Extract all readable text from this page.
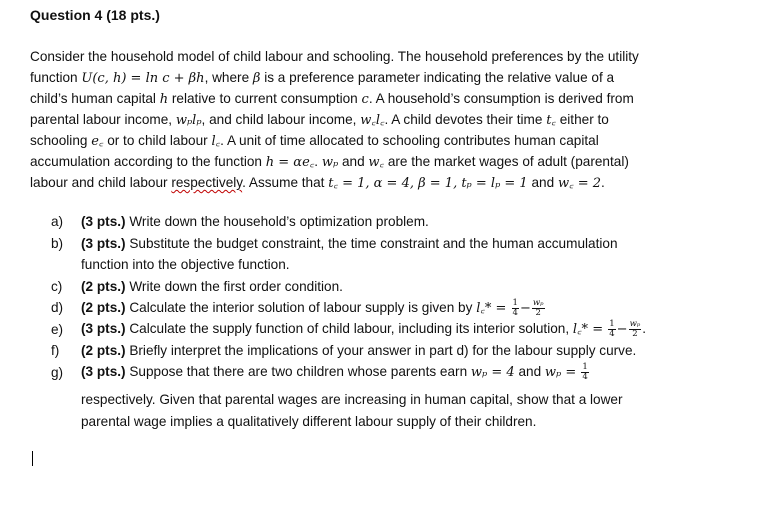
Question 4 (18 pts.)
Consider the household model of child labour and schooling. The household preferences by the utility
function U(c, h) = ln c + βh, where β is a preference parameter indicating the relative value of a
child’s human capital h relative to current consumption c. A household’s consumption is derived from
parental labour income, wₚlₚ, and child labour income, w꜀l꜀. A child devotes their time t꜀ either to
schooling e꜀ or to child labour l꜀. A unit of time allocated to schooling contributes human capital
accumulation according to the function h = αe꜀. wₚ and w꜀ are the market wages of adult (parental)
labour and child labour respectively. Assume that t꜀ = 1, α = 4, β = 1, tₚ = lₚ = 1 and w꜀ = 2.
a)	(3 pts.) Write down the household’s optimization problem.
b)	(3 pts.) Substitute the budget constraint, the time constraint and the human accumulation
function into the objective function.
c)	(2 pts.) Write down the first order condition.
d)	(2 pts.) Calculate the interior solution of labour supply is given by l꜀* = $\frac{1}{4} - \frac{\text{wₚ}}{2}$
e)	(3 pts.) Calculate the supply function of child labour, including its interior solution, l꜀* = $\frac{1}{4} - \frac{\text{wₚ}}{2}$ .
f)	(2 pts.) Briefly interpret the implications of your answer in part d) for the labour supply curve.
g)	(3 pts.) Suppose that there are two children whose parents earn wₚ = 4 and $w_p = \frac{1}{4}$
respectively. Given that parental wages are increasing in human capital, show that a lower
parental wage implies a qualitatively different labour supply of their children.
